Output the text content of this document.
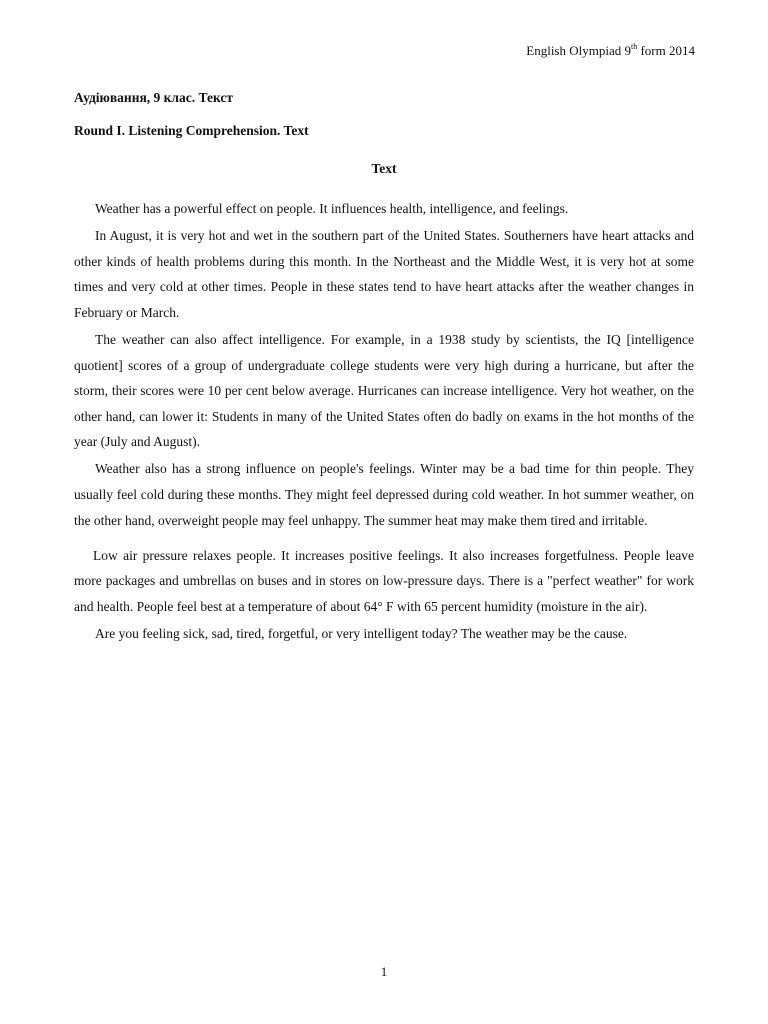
English Olympiad 9th form 2014
Аудіювання, 9 клас. Текст
Round I. Listening Comprehension. Text
Text

Weather has a powerful effect on people. It influences health, intelligence, and feelings.

In August, it is very hot and wet in the southern part of the United States. Southerners have heart attacks and other kinds of health problems during this month. In the Northeast and the Middle West, it is very hot at some times and very cold at other times. People in these states tend to have heart attacks after the weather changes in February or March.

The weather can also affect intelligence. For example, in a 1938 study by scientists, the IQ [intelligence quotient] scores of a group of undergraduate college students were very high during a hurricane, but after the storm, their scores were 10 per cent below average. Hurricanes can increase intelligence. Very hot weather, on the other hand, can lower it: Students in many of the United States often do badly on exams in the hot months of the year (July and August).

Weather also has a strong influence on people's feelings. Winter may be a bad time for thin people. They usually feel cold during these months. They might feel depressed during cold weather. In hot summer weather, on the other hand, overweight people may feel unhappy. The summer heat may make them tired and irritable.

Low air pressure relaxes people. It increases positive feelings. It also increases forgetfulness. People leave more packages and umbrellas on buses and in stores on low-pressure days. There is a "perfect weather" for work and health. People feel best at a temperature of about 64° F with 65 percent humidity (moisture in the air).

Are you feeling sick, sad, tired, forgetful, or very intelligent today? The weather may be the cause.

1
